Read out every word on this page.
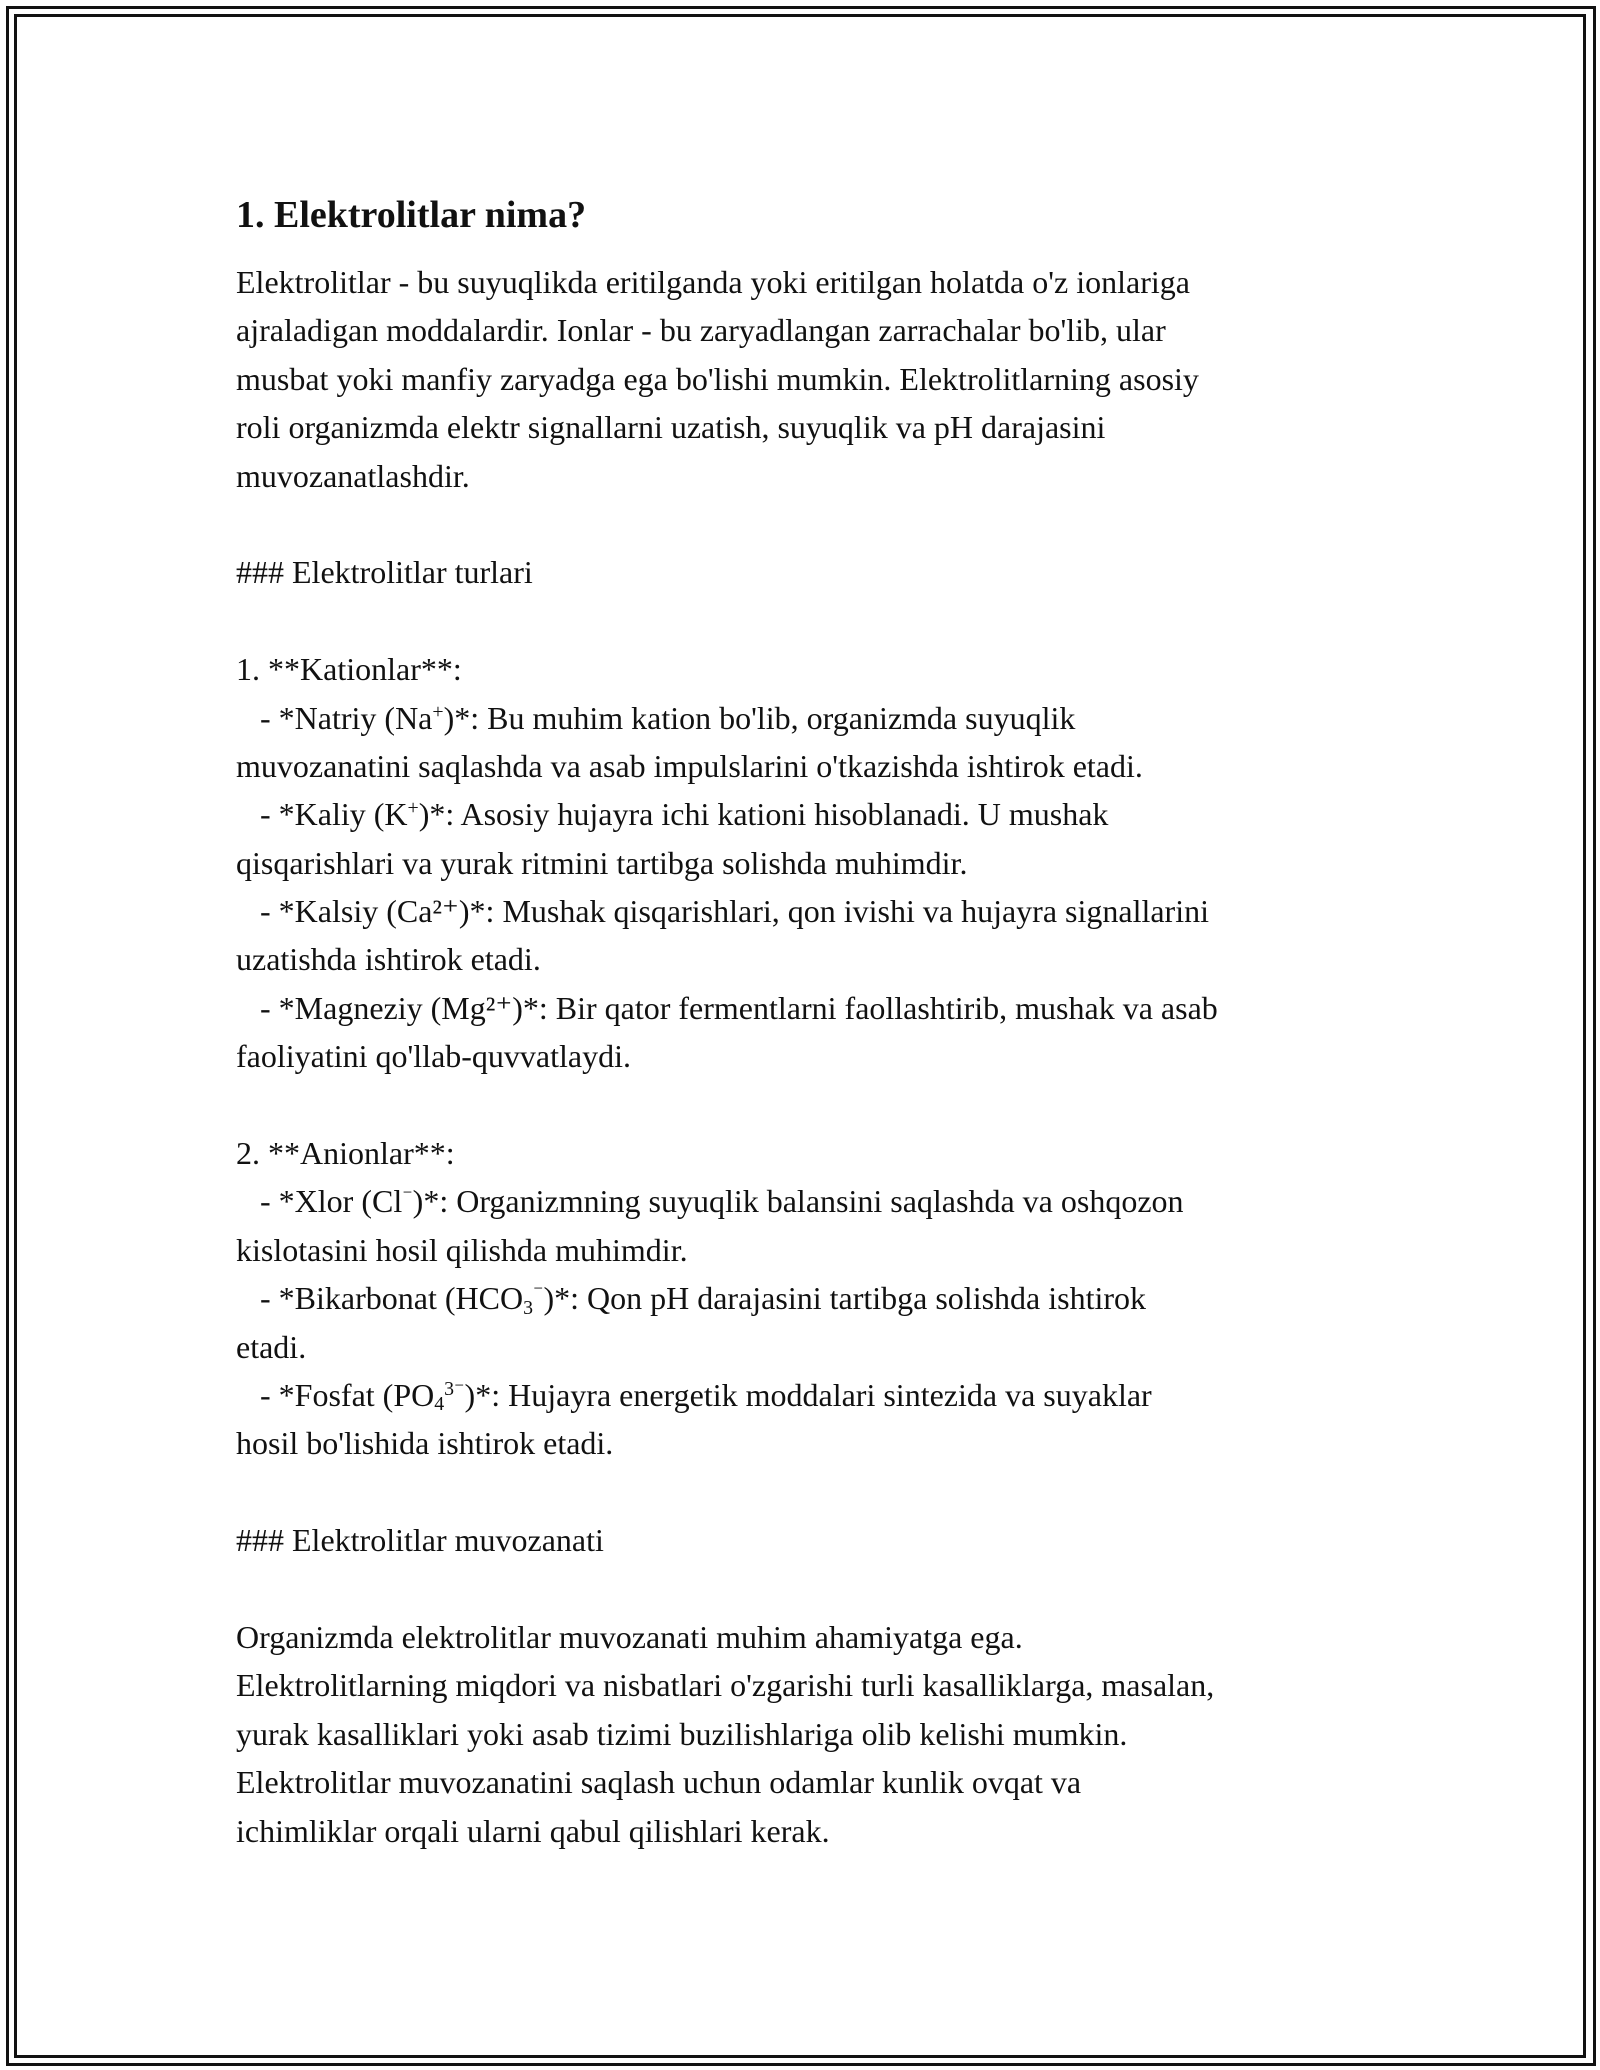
1. Elektrolitlar nima?
Elektrolitlar - bu suyuqlikda eritilganda yoki eritilgan holatda o'z ionlariga
ajraladigan moddalardir. Ionlar - bu zaryadlangan zarrachalar bo'lib, ular
musbat yoki manfiy zaryadga ega bo'lishi mumkin. Elektrolitlarning asosiy
roli organizmda elektr signallarni uzatish, suyuqlik va pH darajasini
muvozanatlashdir.
### Elektrolitlar turlari
1. **Kationlar**:
- *Natriy (Na+)*: Bu muhim kation bo'lib, organizmda suyuqlik
muvozanatini saqlashda va asab impulslarini o'tkazishda ishtirok etadi.
- *Kaliy (K+)*: Asosiy hujayra ichi kationi hisoblanadi. U mushak
qisqarishlari va yurak ritmini tartibga solishda muhimdir.
- *Kalsiy (Ca²⁺)*: Mushak qisqarishlari, qon ivishi va hujayra signallarini
uzatishda ishtirok etadi.
- *Magneziy (Mg²⁺)*: Bir qator fermentlarni faollashtirib, mushak va asab
faoliyatini qo'llab-quvvatlaydi.
2. **Anionlar**:
- *Xlor (Cl⁻)*: Organizmning suyuqlik balansini saqlashda va oshqozon
kislotasini hosil qilishda muhimdir.
- *Bikarbonat $(HCO_3^{^-})*$: Qon pH darajasini tartibga solishda ishtirok
etadi.
- *Fosfat $(PO_4^{3^-})*$: Hujayra energetik moddalari sintezida va suyaklar
hosil bo'lishida ishtirok etadi.
### Elektrolitlar muvozanati
Organizmda elektrolitlar muvozanati muhim ahamiyatga ega.
Elektrolitlarning miqdori va nisbatlari o'zgarishi turli kasalliklarga, masalan,
yurak kasalliklari yoki asab tizimi buzilishlariga olib kelishi mumkin.
Elektrolitlar muvozanatini saqlash uchun odamlar kunlik ovqat va
ichimliklar orqali ularni qabul qilishlari kerak.
